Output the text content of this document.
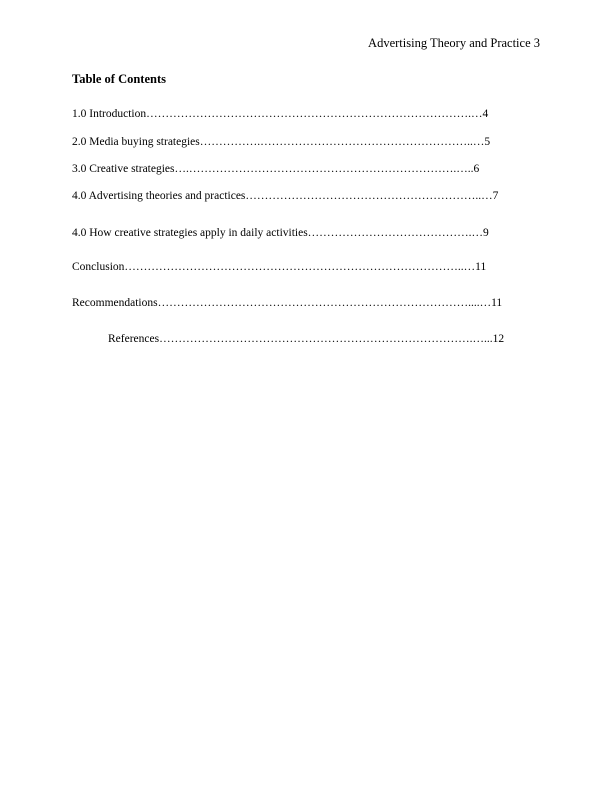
Advertising Theory and Practice 3
Table of Contents
1.0 Introduction………………………………………………………………………….…4
2.0 Media buying strategies…………….………………………………………………..…5
3.0 Creative strategies….…………………………………………………………….…..6
4.0 Advertising theories and practices……………………………………………………..…7
4.0 How creative strategies apply in daily activities…………………………………….…9
Conclusion……………………………………………………………………………..…11
Recommendations………………………………………………………………………....…11
References……………………………………………………………………….…...12
